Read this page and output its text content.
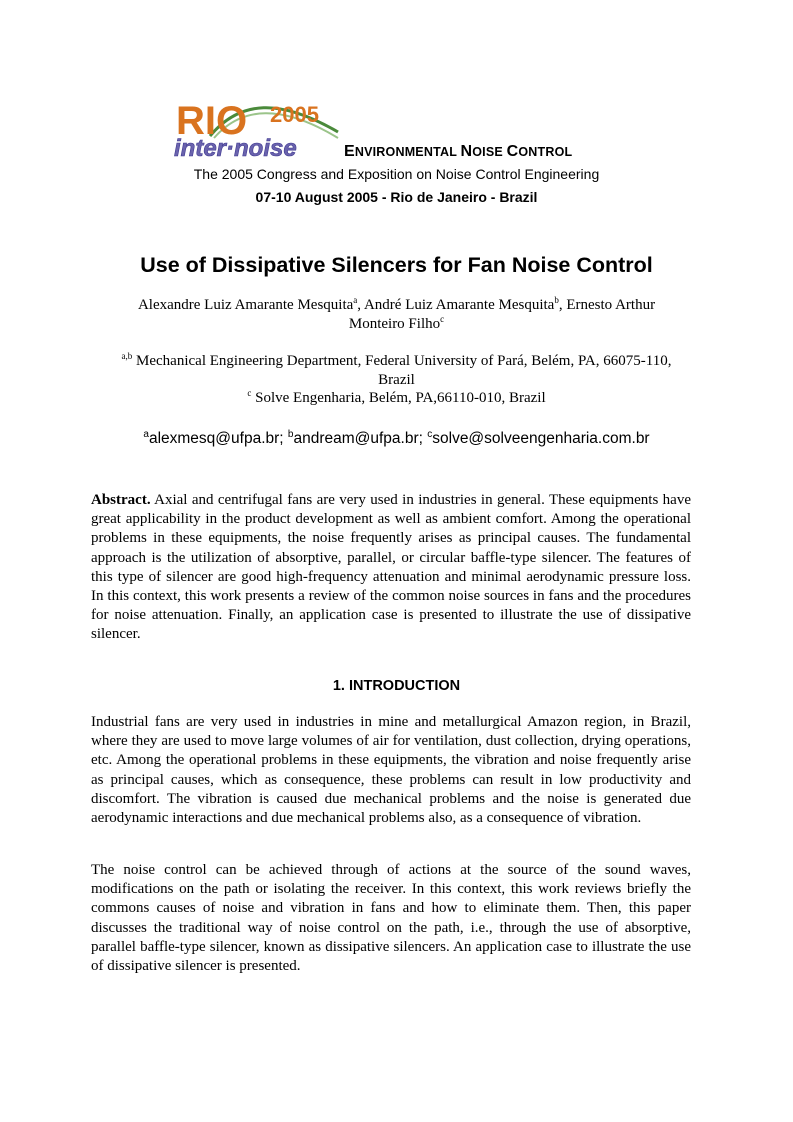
RIO 2005
inter·noise	ENVIRONMENTAL NOISE CONTROL
The 2005 Congress and Exposition on Noise Control Engineering
07-10 August 2005 - Rio de Janeiro - Brazil
Use of Dissipative Silencers for Fan Noise Control
Alexandre Luiz Amarante Mesquita$^a$, André Luiz Amarante Mesquita$^b$, Ernesto Arthur
Monteiro Filho$^c$
$^{a,b}$ Mechanical Engineering Department, Federal University of Pará, Belém, PA, 66075-110,
Brazil
$^c$ Solve Engenharia, Belém, PA,66110-010, Brazil
$^a$alexmesq@ufpa.br; $^b$andream@ufpa.br; $^c$solve@solveengenharia.com.br
Abstract. Axial and centrifugal fans are very used in industries in general. These equipments have great applicability in the product development as well as ambient comfort. Among the operational problems in these equipments, the noise frequently arises as principal causes. The fundamental approach is the utilization of absorptive, parallel, or circular baffle-type silencer. The features of this type of silencer are good high-frequency attenuation and minimal aerodynamic pressure loss. In this context, this work presents a review of the common noise sources in fans and the procedures for noise attenuation. Finally, an application case is presented to illustrate the use of dissipative silencer.
1. INTRODUCTION
Industrial fans are very used in industries in mine and metallurgical Amazon region, in Brazil, where they are used to move large volumes of air for ventilation, dust collection, drying operations, etc. Among the operational problems in these equipments, the vibration and noise frequently arise as principal causes, which as consequence, these problems can result in low productivity and discomfort. The vibration is caused due mechanical problems and the noise is generated due aerodynamic interactions and due mechanical problems also, as a consequence of vibration.
The noise control can be achieved through of actions at the source of the sound waves, modifications on the path or isolating the receiver. In this context, this work reviews briefly the commons causes of noise and vibration in fans and how to eliminate them. Then, this paper discusses the traditional way of noise control on the path, i.e., through the use of absorptive, parallel baffle-type silencer, known as dissipative silencers. An application case to illustrate the use of dissipative silencer is presented.
